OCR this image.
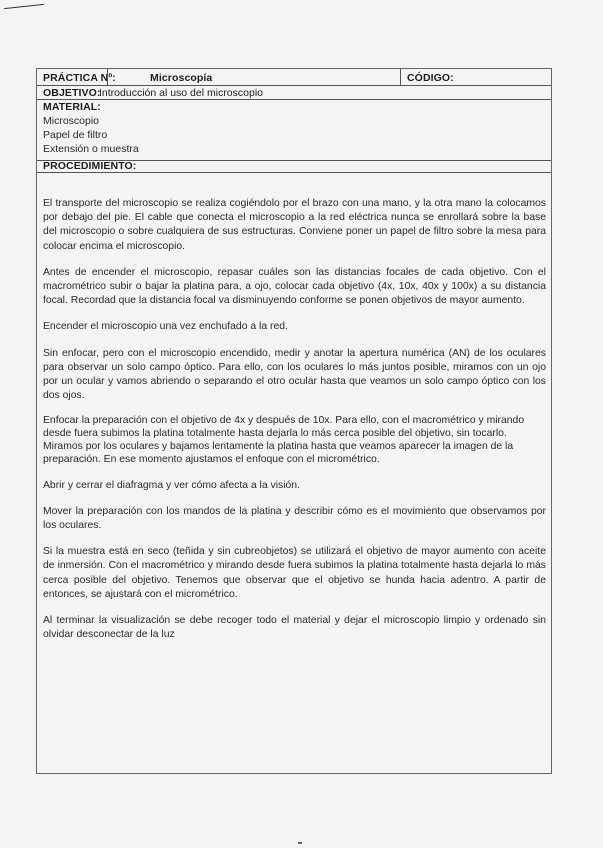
PRÁCTICA Nº:	Microscopía	CÓDIGO:
OBJETIVO:
Introducción al uso del microscopio
MATERIAL:
Microscopio
Papel de filtro
Extensión o muestra
PROCEDIMIENTO:

El transporte del microscopio se realiza cogiéndolo por el brazo con una mano, y la otra mano la colocamos por debajo del pie. El cable que conecta el microscopio a la red eléctrica nunca se enrollará sobre la base del microscopio o sobre cualquiera de sus estructuras. Conviene poner un papel de filtro sobre la mesa para colocar encima el microscopio.

Antes de encender el microscopio, repasar cuáles son las distancias focales de cada objetivo. Con el macrométrico subir o bajar la platina para, a ojo, colocar cada objetivo (4x, 10x, 40x y 100x) a su distancia focal. Recordad que la distancia focal va disminuyendo conforme se ponen objetivos de mayor aumento.

Encender el microscopio una vez enchufado a la red.

Sin enfocar, pero con el microscopio encendido, medir y anotar la apertura numérica (AN) de los oculares para observar un solo campo óptico. Para ello, con los oculares lo más juntos posible, miramos con un ojo por un ocular y vamos abriendo o separando el otro ocular hasta que veamos un solo campo óptico con los dos ojos.

Enfocar la preparación con el objetivo de 4x y después de 10x. Para ello, con el macrométrico y mirando desde fuera subimos la platina totalmente hasta dejarla lo más cerca posible del objetivo, sin tocarlo. Miramos por los oculares y bajamos lentamente la platina hasta que veamos aparecer la imagen de la preparación. En ese momento ajustamos el enfoque con el micrométrico.

Abrir y cerrar el diafragma y ver cómo afecta a la visión.

Mover la preparación con los mandos de la platina y describir cómo es el movimiento que observamos por los oculares.

Si la muestra está en seco (teñida y sin cubreobjetos) se utilizará el objetivo de mayor aumento con aceite de inmersión. Con el macrométrico y mirando desde fuera subimos la platina totalmente hasta dejarla lo más cerca posible del objetivo. Tenemos que observar que el objetivo se hunda hacia adentro. A partir de entonces, se ajustará con el micrométrico.

Al terminar la visualización se debe recoger todo el material y dejar el microscopio limpio y ordenado sin olvidar desconectar de la luz
